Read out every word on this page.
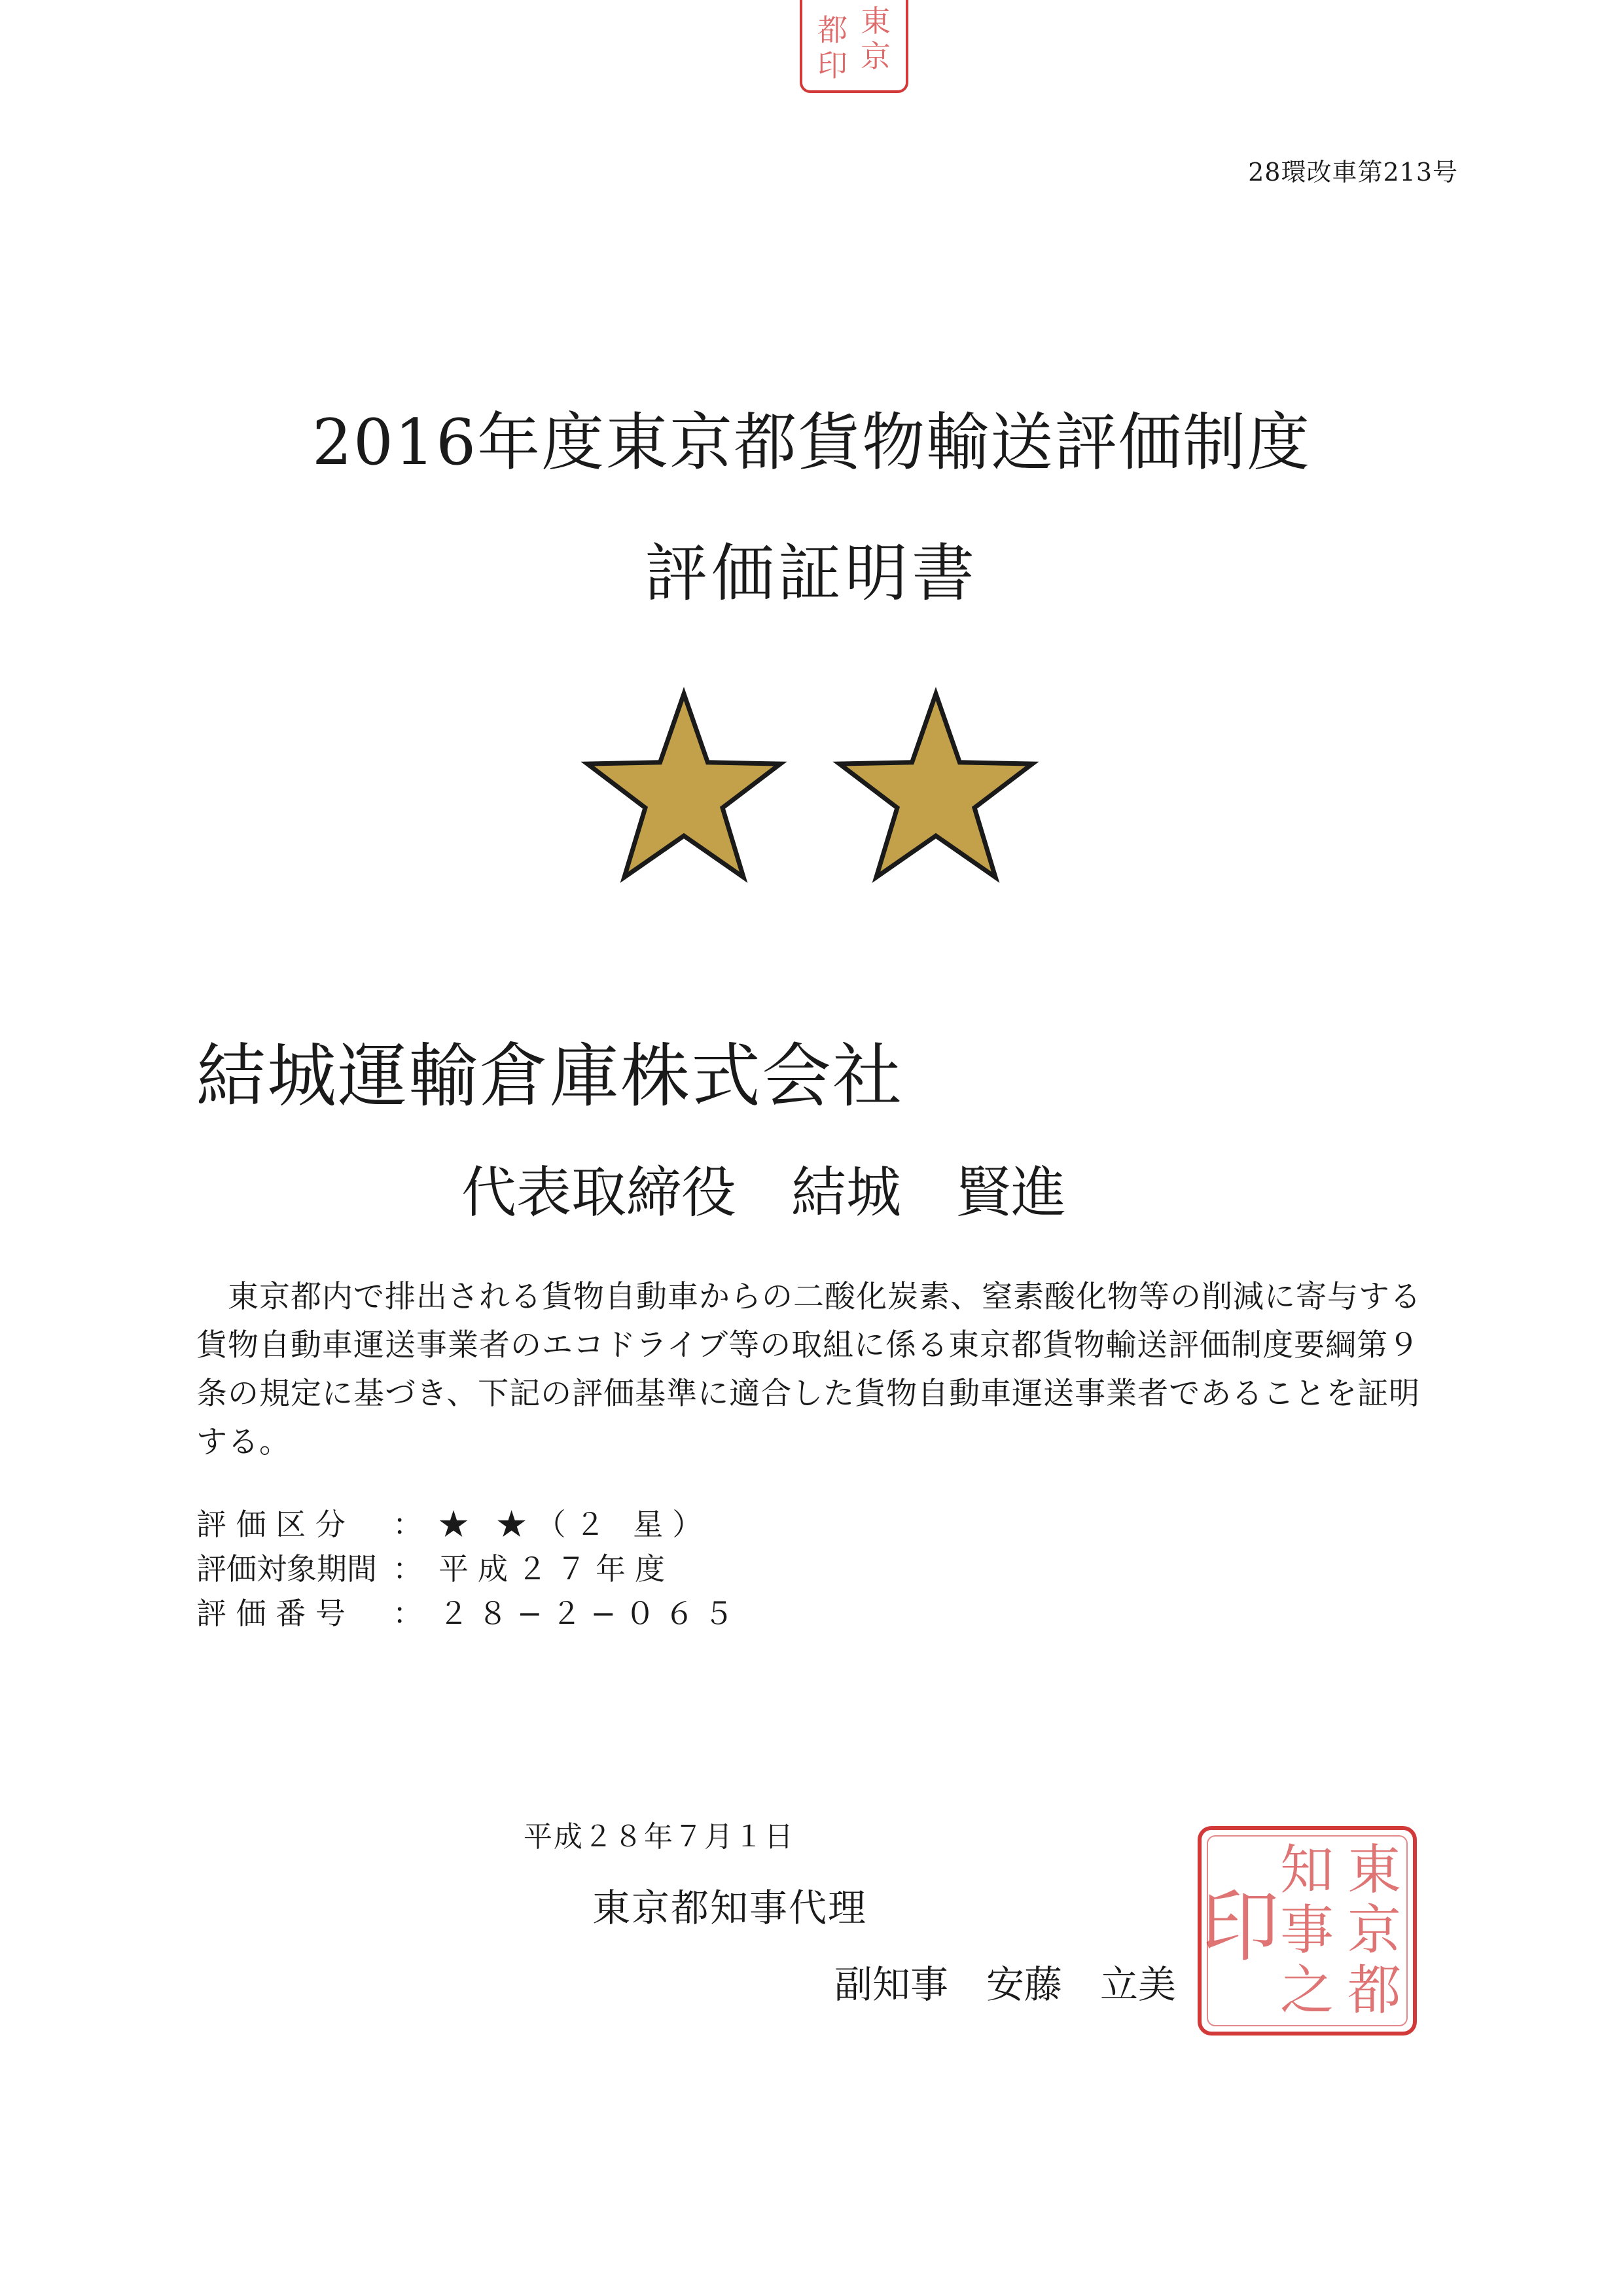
東
京
都
印
28環改車第213号
2016年度東京都貨物輸送評価制度
評価証明書
結城運輸倉庫株式会社
代表取締役　結城　賢進
東京都内で排出される貨物自動車からの二酸化炭素、窒素酸化物等の削減に寄与する貨物自動車運送事業者のエコドライブ等の取組に係る東京都貨物輸送評価制度要綱第９条の規定に基づき、下記の評価基準に適合した貨物自動車運送事業者であることを証明する。
評 価 区 分	： ★ ★（２ 星）
評価対象期間 ： 平成２７年度
評 価 番 号	： ２８−２−０６５
平成２８年７月１日
東京都知事代理
副知事　安藤　立美
東
京
都
知
事
之
印
